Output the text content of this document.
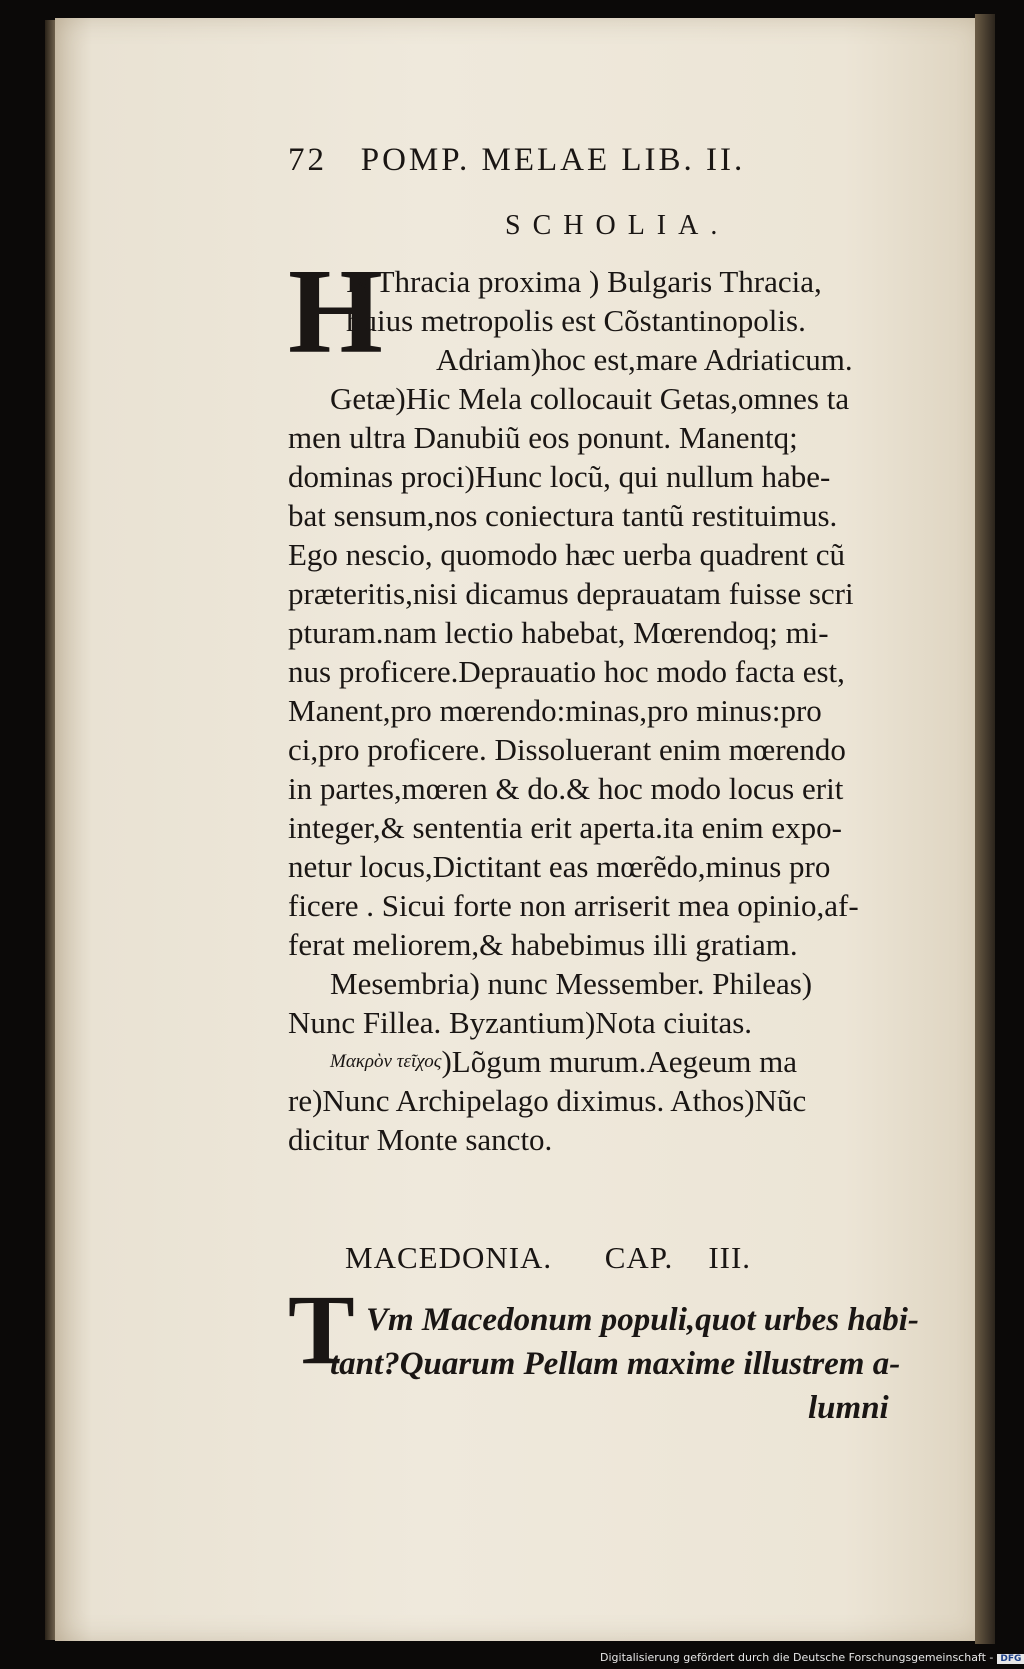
72 POMP. MELAE LIB. II.
SCHOLIA.
H
Is Thracia proxima ) Bulgaris Thracia,
huius metropolis est Cõstantinopolis.
Adriam)hoc est,mare Adriaticum.
Getæ)Hic Mela collocauit Getas,omnes ta
men ultra Danubiũ eos ponunt. Manentq;
dominas proci)Hunc locũ, qui nullum habe-
bat sensum,nos coniectura tantũ restituimus.
Ego nescio, quomodo hæc uerba quadrent cũ
præteritis,nisi dicamus deprauatam fuisse scri
pturam.nam lectio habebat, Mœrendoq; mi-
nus proficere.Deprauatio hoc modo facta est,
Manent,pro mœrendo:minas,pro minus:pro
ci,pro proficere. Dissoluerant enim mœrendo
in partes,mœren & do.& hoc modo locus erit
integer,& sententia erit aperta.ita enim expo-
netur locus,Dictitant eas mœrẽdo,minus pro
ficere . Sicui forte non arriserit mea opinio,af-
ferat meliorem,& habebimus illi gratiam.
Mesembria) nunc Messember. Phileas)
Nunc Fillea. Byzantium)Nota ciuitas.
$^{M\alpha\kappa\rho ὸ\nu \tau\varepsilon ῖ\chi o\varsigma}$)Lõgum murum.Aegeum ma
re)Nunc Archipelago diximus. Athos)Nũc
dicitur Monte sancto.
MACEDONIA. CAP. III.
T Vm Macedonum populi,quot urbes habi-
tant?Quarum Pellam maxime illustrem a-
lumni
Digitalisierung gefördert durch die Deutsche Forschungsgemeinschaft - DFG
